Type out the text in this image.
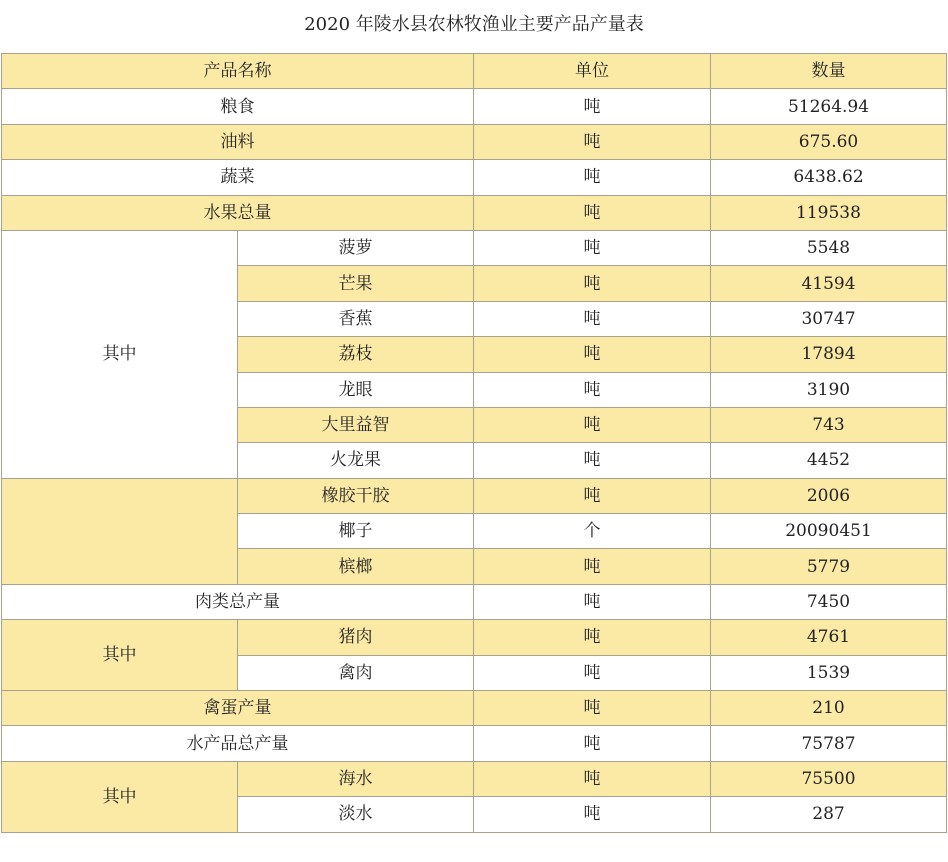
2020 年陵水县农林牧渔业主要产品产量表
产品名称		单位	数量
粮食		吨	51264.94
油料		吨	675.60
蔬菜		吨	6438.62
水果总量		吨	119538
其中	菠萝	吨	5548
	芒果	吨	41594
	香蕉	吨	30747
	荔枝	吨	17894
	龙眼	吨	3190
	大里益智	吨	743
	火龙果	吨	4452
	橡胶干胶	吨	2006
	椰子	个	20090451
	槟榔	吨	5779
肉类总产量		吨	7450
其中	猪肉	吨	4761
	禽肉	吨	1539
禽蛋产量		吨	210
水产品总产量		吨	75787
其中	海水	吨	75500
	淡水	吨	287
